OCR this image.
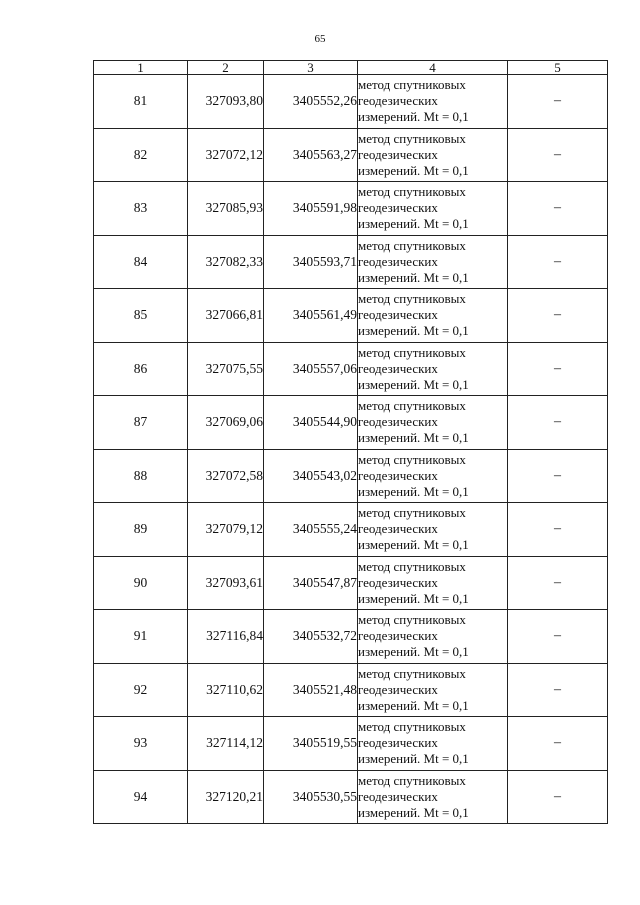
65
1	2	3	4	5
81	327093,80	3405552,26	метод спутниковых
геодезических
измерений. Mt = 0,1	–
82	327072,12	3405563,27	метод спутниковых
геодезических
измерений. Mt = 0,1	–
83	327085,93	3405591,98	метод спутниковых
геодезических
измерений. Mt = 0,1	–
84	327082,33	3405593,71	метод спутниковых
геодезических
измерений. Mt = 0,1	–
85	327066,81	3405561,49	метод спутниковых
геодезических
измерений. Mt = 0,1	–
86	327075,55	3405557,06	метод спутниковых
геодезических
измерений. Mt = 0,1	–
87	327069,06	3405544,90	метод спутниковых
геодезических
измерений. Mt = 0,1	–
88	327072,58	3405543,02	метод спутниковых
геодезических
измерений. Mt = 0,1	–
89	327079,12	3405555,24	метод спутниковых
геодезических
измерений. Mt = 0,1	–
90	327093,61	3405547,87	метод спутниковых
геодезических
измерений. Mt = 0,1	–
91	327116,84	3405532,72	метод спутниковых
геодезических
измерений. Mt = 0,1	–
92	327110,62	3405521,48	метод спутниковых
геодезических
измерений. Mt = 0,1	–
93	327114,12	3405519,55	метод спутниковых
геодезических
измерений. Mt = 0,1	–
94	327120,21	3405530,55	метод спутниковых
геодезических
измерений. Mt = 0,1	–
